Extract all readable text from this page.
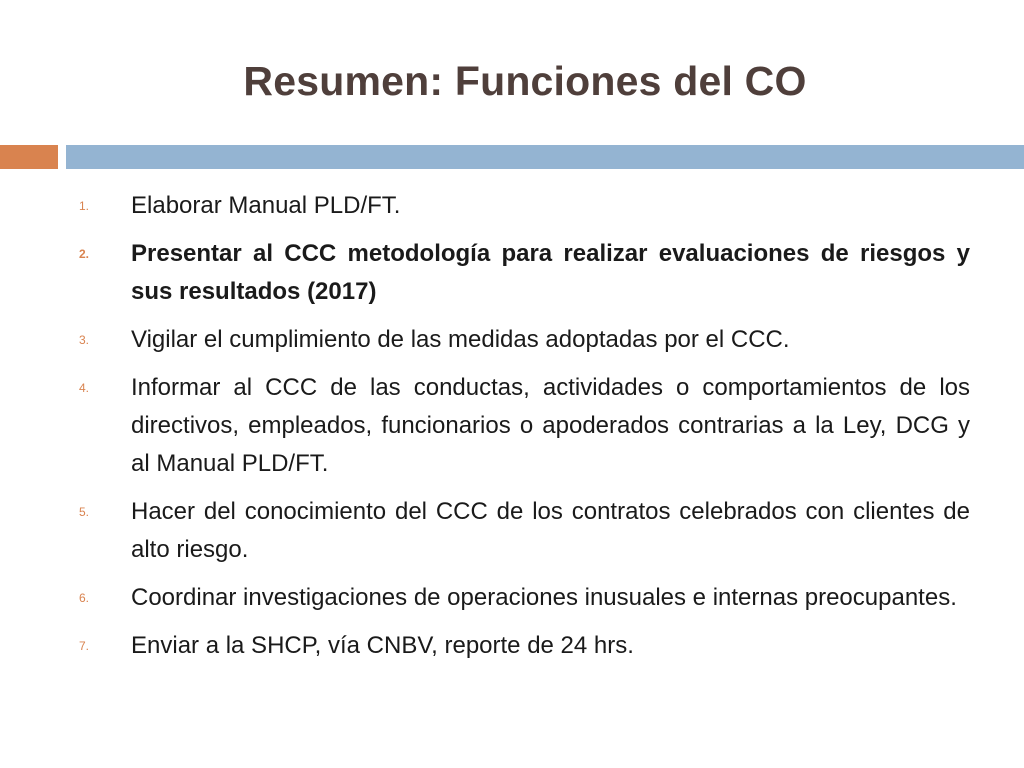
Resumen: Funciones del CO
1. Elaborar Manual PLD/FT.
2. Presentar al CCC metodología para realizar evaluaciones de riesgos y sus resultados (2017)
3. Vigilar el cumplimiento de las medidas adoptadas por el CCC.
4. Informar al CCC de las conductas, actividades o comportamientos de los directivos, empleados, funcionarios o apoderados contrarias a la Ley, DCG y al Manual PLD/FT.
5. Hacer del conocimiento del CCC de los contratos celebrados con clientes de alto riesgo.
6. Coordinar investigaciones de operaciones inusuales e internas preocupantes.
7. Enviar a la SHCP, vía CNBV, reporte de 24 hrs.
